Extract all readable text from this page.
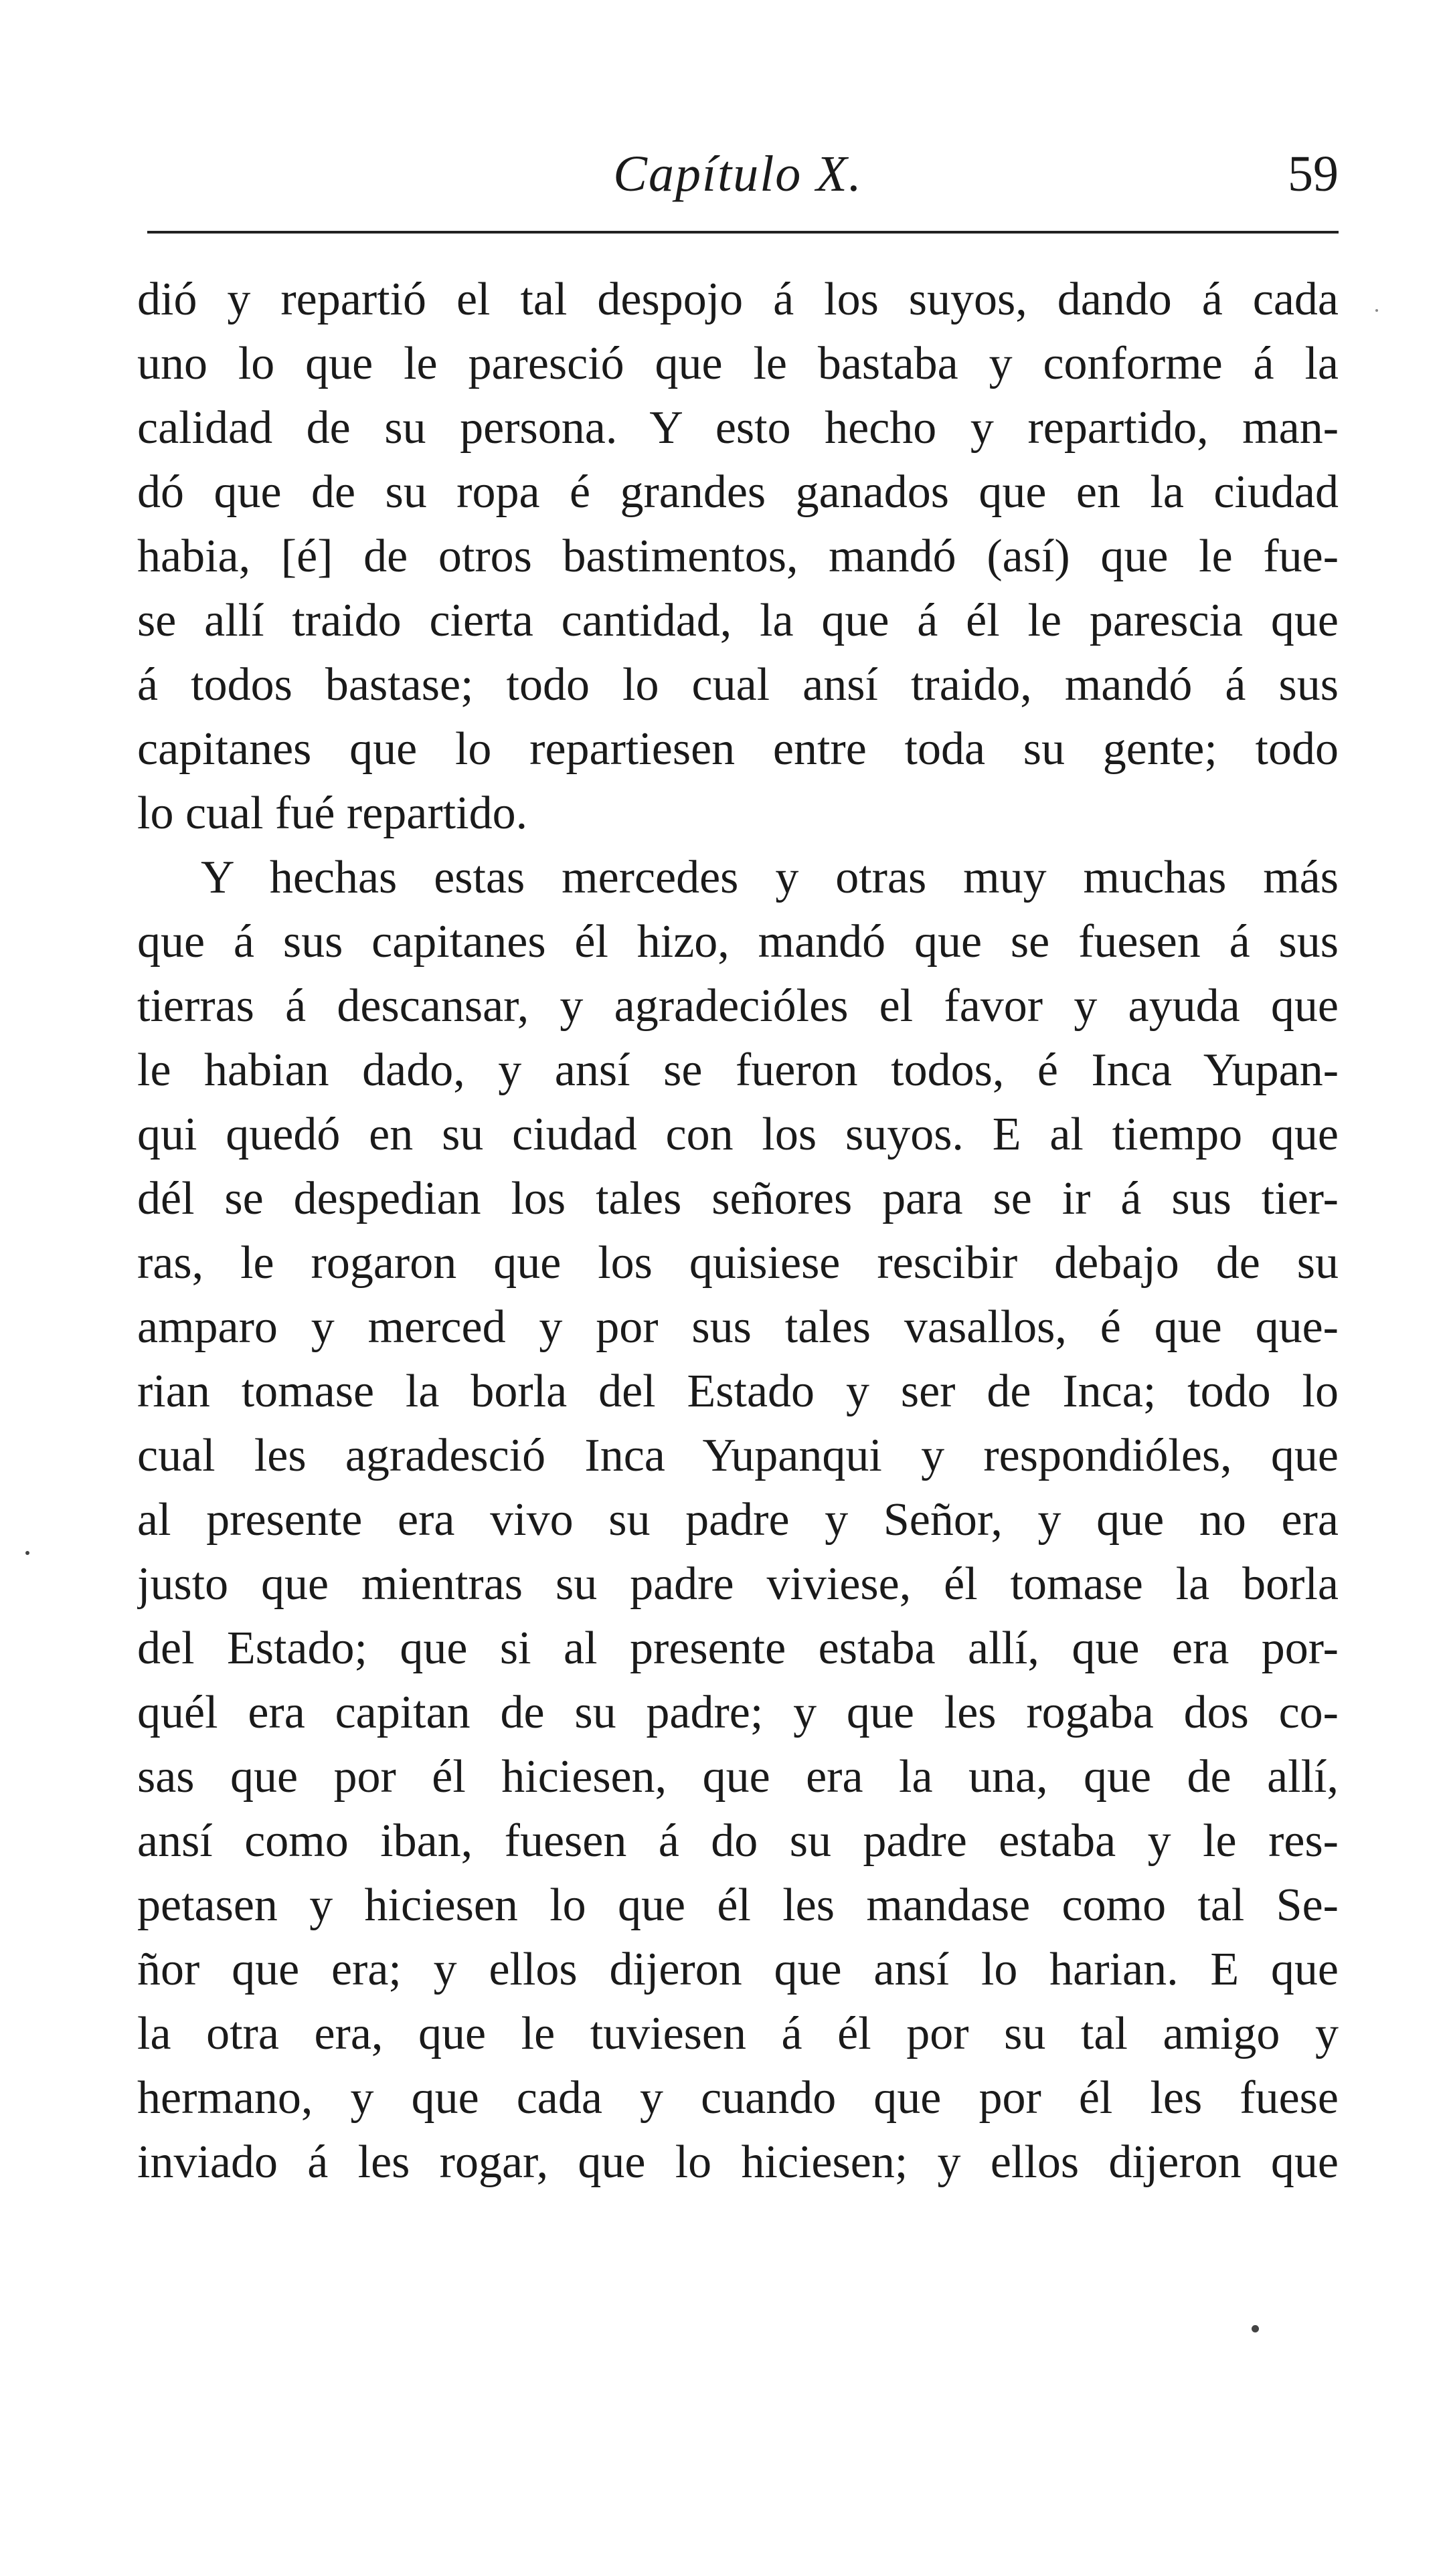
Capítulo X.	59
dió y repartió el tal despojo á los suyos, dando á cada
uno lo que le paresció que le bastaba y conforme á la
calidad de su persona. Y esto hecho y repartido, man-
dó que de su ropa é grandes ganados que en la ciudad
habia, [é] de otros bastimentos, mandó (así) que le fue-
se allí traido cierta cantidad, la que á él le parescia que
á todos bastase; todo lo cual ansí traido, mandó á sus
capitanes que lo repartiesen entre toda su gente; todo
lo cual fué repartido.
Y hechas estas mercedes y otras muy muchas más
que á sus capitanes él hizo, mandó que se fuesen á sus
tierras á descansar, y agradecióles el favor y ayuda que
le habian dado, y ansí se fueron todos, é Inca Yupan-
qui quedó en su ciudad con los suyos. E al tiempo que
dél se despedian los tales señores para se ir á sus tier-
ras, le rogaron que los quisiese rescibir debajo de su
amparo y merced y por sus tales vasallos, é que que-
rian tomase la borla del Estado y ser de Inca; todo lo
cual les agradesció Inca Yupanqui y respondióles, que
al presente era vivo su padre y Señor, y que no era
justo que mientras su padre viviese, él tomase la borla
del Estado; que si al presente estaba allí, que era por-
quél era capitan de su padre; y que les rogaba dos co-
sas que por él hiciesen, que era la una, que de allí,
ansí como iban, fuesen á do su padre estaba y le res-
petasen y hiciesen lo que él les mandase como tal Se-
ñor que era; y ellos dijeron que ansí lo harian. E que
la otra era, que le tuviesen á él por su tal amigo y
hermano, y que cada y cuando que por él les fuese
inviado á les rogar, que lo hiciesen; y ellos dijeron que
